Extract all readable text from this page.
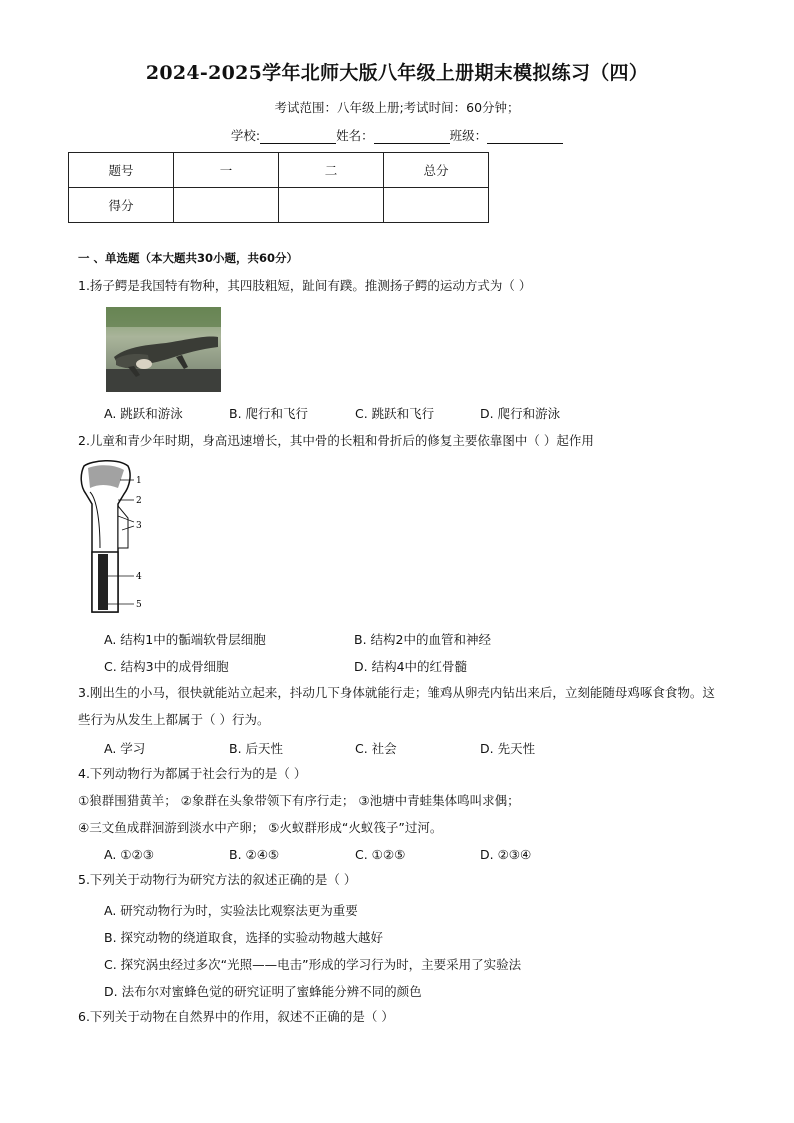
2024-2025学年北师大版八年级上册期末模拟练习（四）
考试范围：八年级上册;考试时间：60分钟；
学校:	姓名：	班级：
题号	一	二	总分
得分			
一 、单选题（本大题共30小题，共60分）
1.扬子鳄是我国特有物种，其四肢粗短，趾间有蹼。推测扬子鳄的运动方式为（ ）
A. 跳跃和游泳	B. 爬行和飞行	C. 跳跃和飞行	D. 爬行和游泳
2.儿童和青少年时期，身高迅速增长，其中骨的长粗和骨折后的修复主要依靠图中（ ）起作用
1
2
3
4
5
A. 结构1中的骺端软骨层细胞	B. 结构2中的血管和神经
C. 结构3中的成骨细胞	D. 结构4中的红骨髓
3.刚出生的小马，很快就能站立起来，抖动几下身体就能行走；雏鸡从卵壳内钻出来后，立刻能随母鸡啄食食物。这些行为从发生上都属于（ ）行为。
A. 学习	B. 后天性	C. 社会	D. 先天性
4.下列动物行为都属于社会行为的是（ ）
①狼群围猎黄羊； ②象群在头象带领下有序行走； ③池塘中青蛙集体鸣叫求偶；
④三文鱼成群洄游到淡水中产卵； ⑤火蚁群形成“火蚁筏子”过河。
A. ①②③	B. ②④⑤	C. ①②⑤	D. ②③④
5.下列关于动物行为研究方法的叙述正确的是（ ）
A. 研究动物行为时，实验法比观察法更为重要
B. 探究动物的绕道取食，选择的实验动物越大越好
C. 探究涡虫经过多次“光照——电击”形成的学习行为时，主要采用了实验法
D. 法布尔对蜜蜂色觉的研究证明了蜜蜂能分辨不同的颜色
6.下列关于动物在自然界中的作用，叙述不正确的是（ ）
